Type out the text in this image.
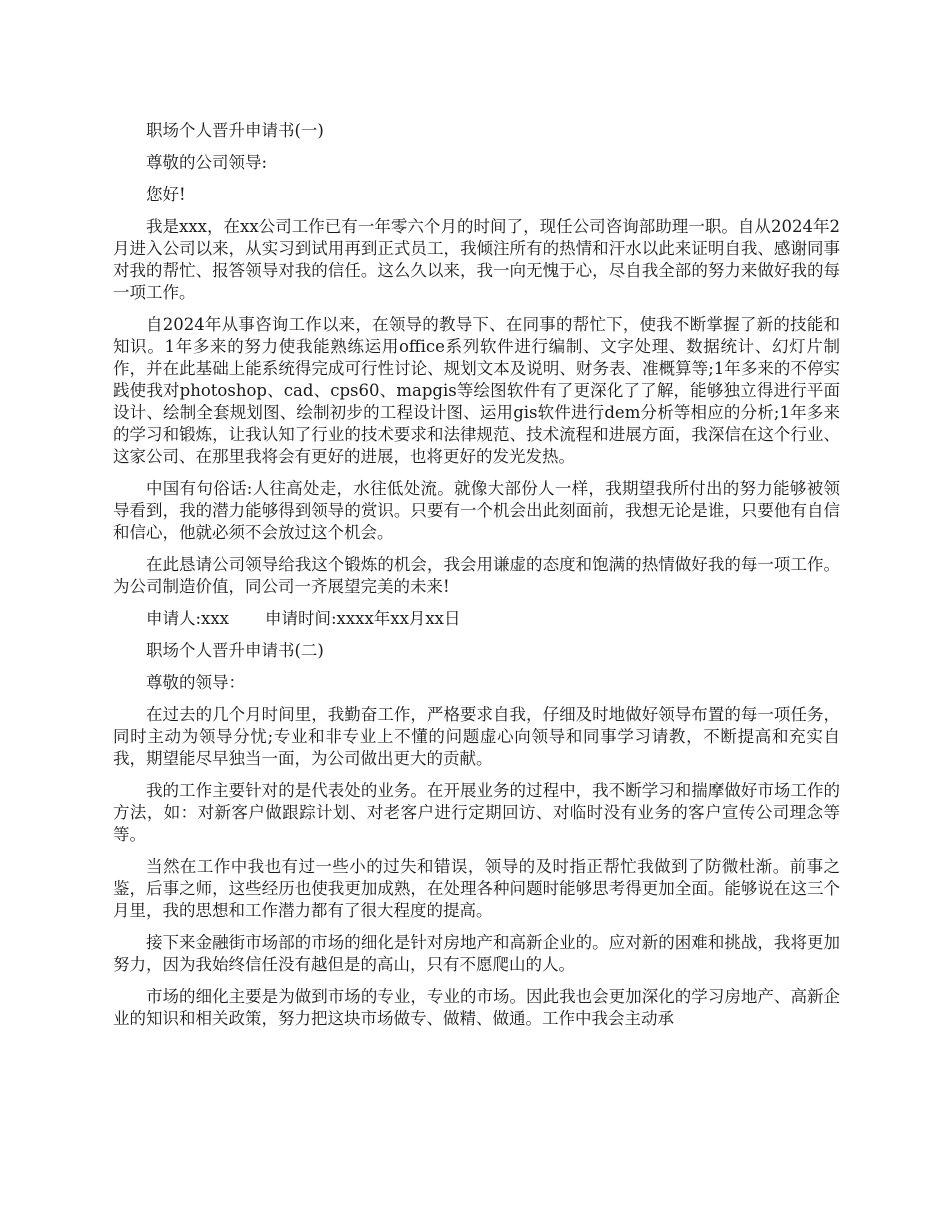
职场个人晋升申请书(一)

尊敬的公司领导:

您好!

我是xxx，在xx公司工作已有一年零六个月的时间了，现任公司咨询部助理一职。自从2024年2月进入公司以来，从实习到试用再到正式员工，我倾注所有的热情和汗水以此来证明自我、感谢同事对我的帮忙、报答领导对我的信任。这么久以来，我一向无愧于心，尽自我全部的努力来做好我的每一项工作。

自2024年从事咨询工作以来，在领导的教导下、在同事的帮忙下，使我不断掌握了新的技能和知识。1年多来的努力使我能熟练运用office系列软件进行编制、文字处理、数据统计、幻灯片制作，并在此基础上能系统得完成可行性讨论、规划文本及说明、财务表、准概算等;1年多来的不停实践使我对photoshop、cad、cps60、mapgis等绘图软件有了更深化了了解，能够独立得进行平面设计、绘制全套规划图、绘制初步的工程设计图、运用gis软件进行dem分析等相应的分析;1年多来的学习和锻炼，让我认知了行业的技术要求和法律规范、技术流程和进展方面，我深信在这个行业、这家公司、在那里我将会有更好的进展，也将更好的发光发热。

中国有句俗话:人往高处走，水往低处流。就像大部份人一样，我期望我所付出的努力能够被领导看到，我的潜力能够得到领导的赏识。只要有一个机会出此刻面前，我想无论是谁，只要他有自信和信心，他就必须不会放过这个机会。

在此恳请公司领导给我这个锻炼的机会，我会用谦虚的态度和饱满的热情做好我的每一项工作。为公司制造价值，同公司一齐展望完美的未来!

申请人:xxx 申请时间:xxxx年xx月xx日

职场个人晋升申请书(二)

尊敬的领导：

在过去的几个月时间里，我勤奋工作，严格要求自我，仔细及时地做好领导布置的每一项任务，同时主动为领导分忧;专业和非专业上不懂的问题虚心向领导和同事学习请教，不断提高和充实自我，期望能尽早独当一面，为公司做出更大的贡献。

我的工作主要针对的是代表处的业务。在开展业务的过程中，我不断学习和揣摩做好市场工作的方法，如：对新客户做跟踪计划、对老客户进行定期回访、对临时没有业务的客户宣传公司理念等等。

当然在工作中我也有过一些小的过失和错误，领导的及时指正帮忙我做到了防微杜渐。前事之鉴，后事之师，这些经历也使我更加成熟，在处理各种问题时能够思考得更加全面。能够说在这三个月里，我的思想和工作潜力都有了很大程度的提高。

接下来金融街市场部的市场的细化是针对房地产和高新企业的。应对新的困难和挑战，我将更加努力，因为我始终信任没有越但是的高山，只有不愿爬山的人。

市场的细化主要是为做到市场的专业，专业的市场。因此我也会更加深化的学习房地产、高新企业的知识和相关政策，努力把这块市场做专、做精、做通。工作中我会主动承
